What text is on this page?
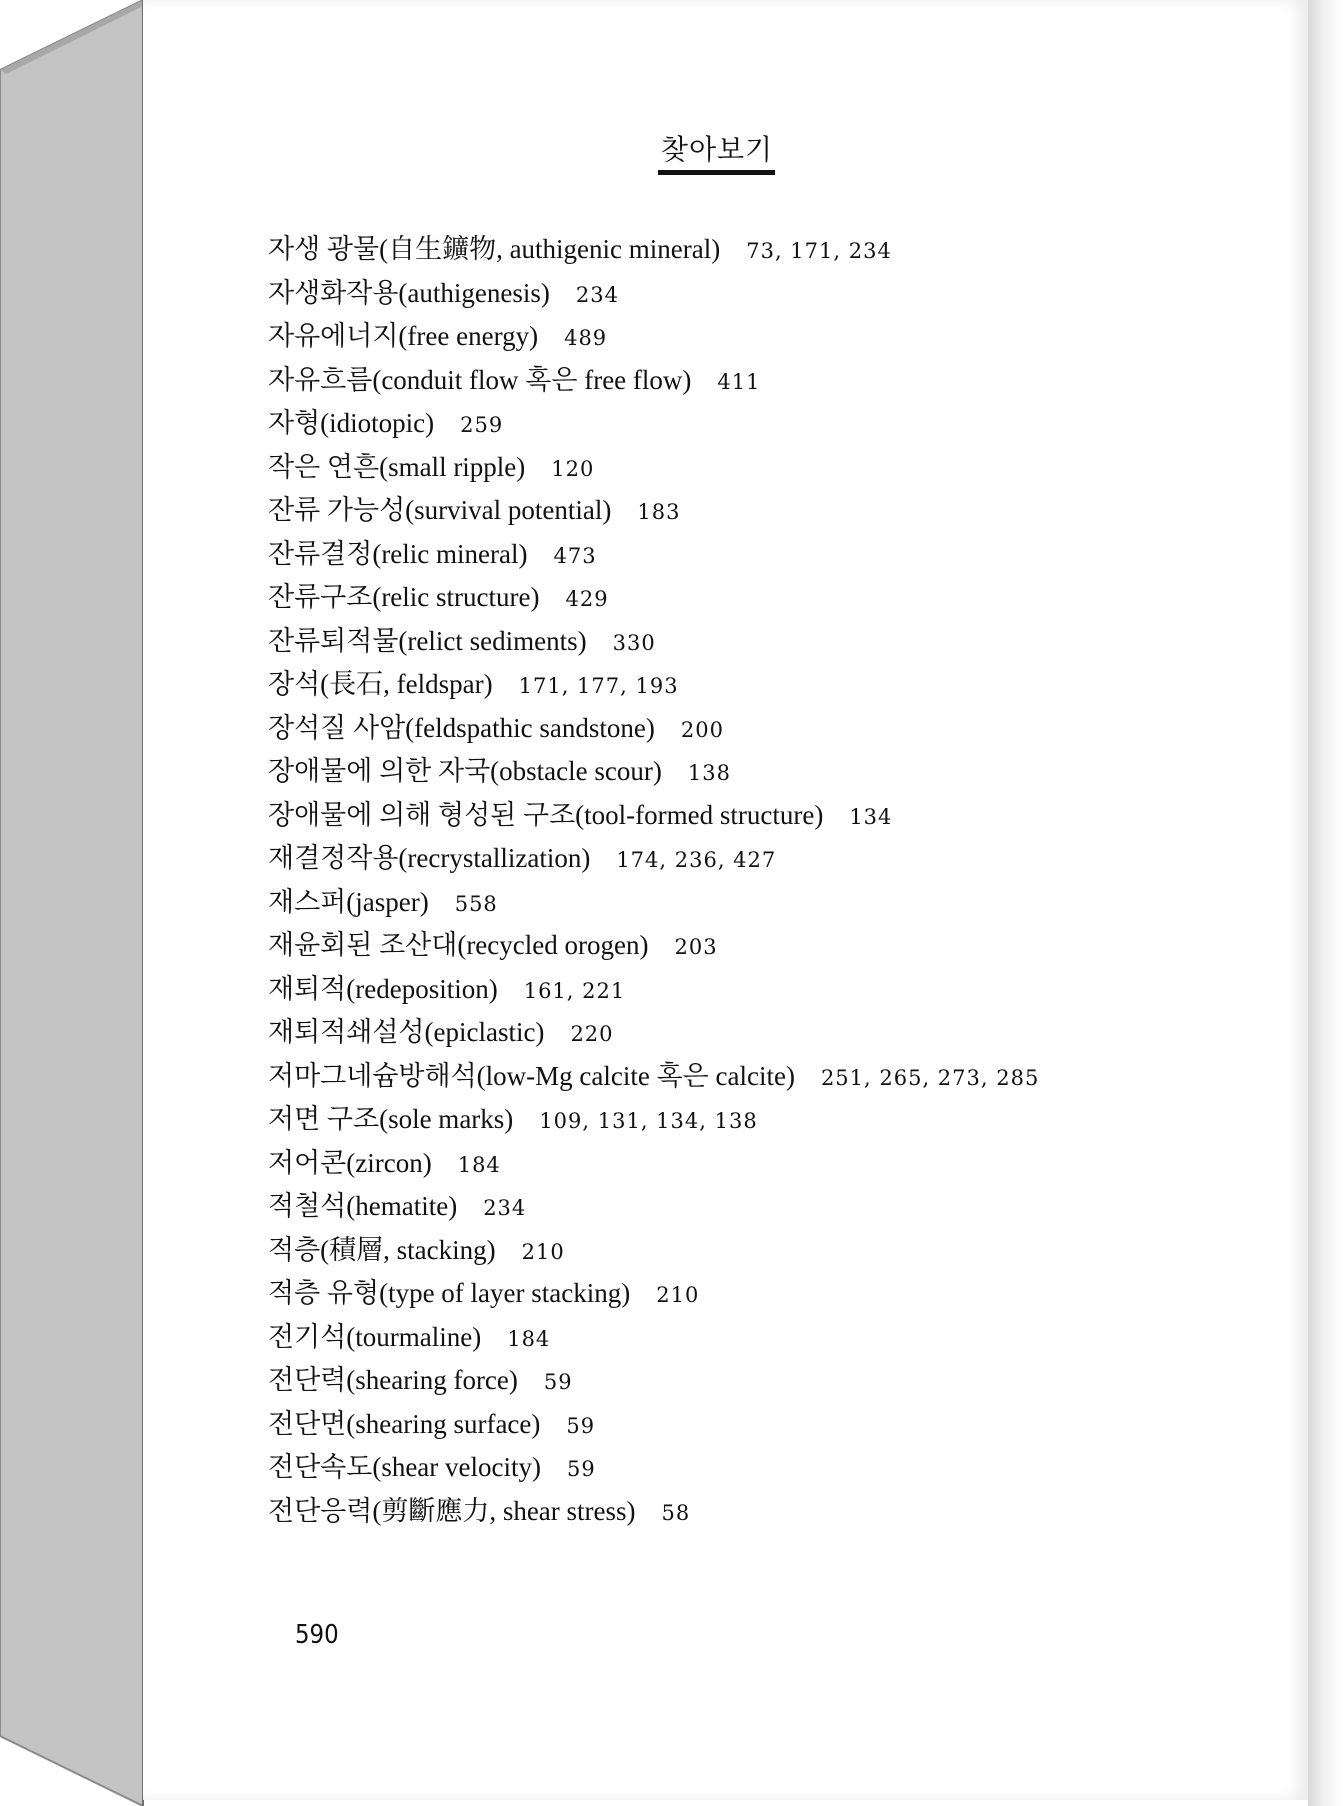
찾아보기
자생 광물(自生鑛物, authigenic mineral) 73, 171, 234
자생화작용(authigenesis) 234
자유에너지(free energy) 489
자유흐름(conduit flow 혹은 free flow) 411
자형(idiotopic) 259
작은 연흔(small ripple) 120
잔류 가능성(survival potential) 183
잔류결정(relic mineral) 473
잔류구조(relic structure) 429
잔류퇴적물(relict sediments) 330
장석(長石, feldspar) 171, 177, 193
장석질 사암(feldspathic sandstone) 200
장애물에 의한 자국(obstacle scour) 138
장애물에 의해 형성된 구조(tool-formed structure) 134
재결정작용(recrystallization) 174, 236, 427
재스퍼(jasper) 558
재윤회된 조산대(recycled orogen) 203
재퇴적(redeposition) 161, 221
재퇴적쇄설성(epiclastic) 220
저마그네슘방해석(low-Mg calcite 혹은 calcite) 251, 265, 273, 285
저면 구조(sole marks) 109, 131, 134, 138
저어콘(zircon) 184
적철석(hematite) 234
적층(積層, stacking) 210
적층 유형(type of layer stacking) 210
전기석(tourmaline) 184
전단력(shearing force) 59
전단면(shearing surface) 59
전단속도(shear velocity) 59
전단응력(剪斷應力, shear stress) 58
590
